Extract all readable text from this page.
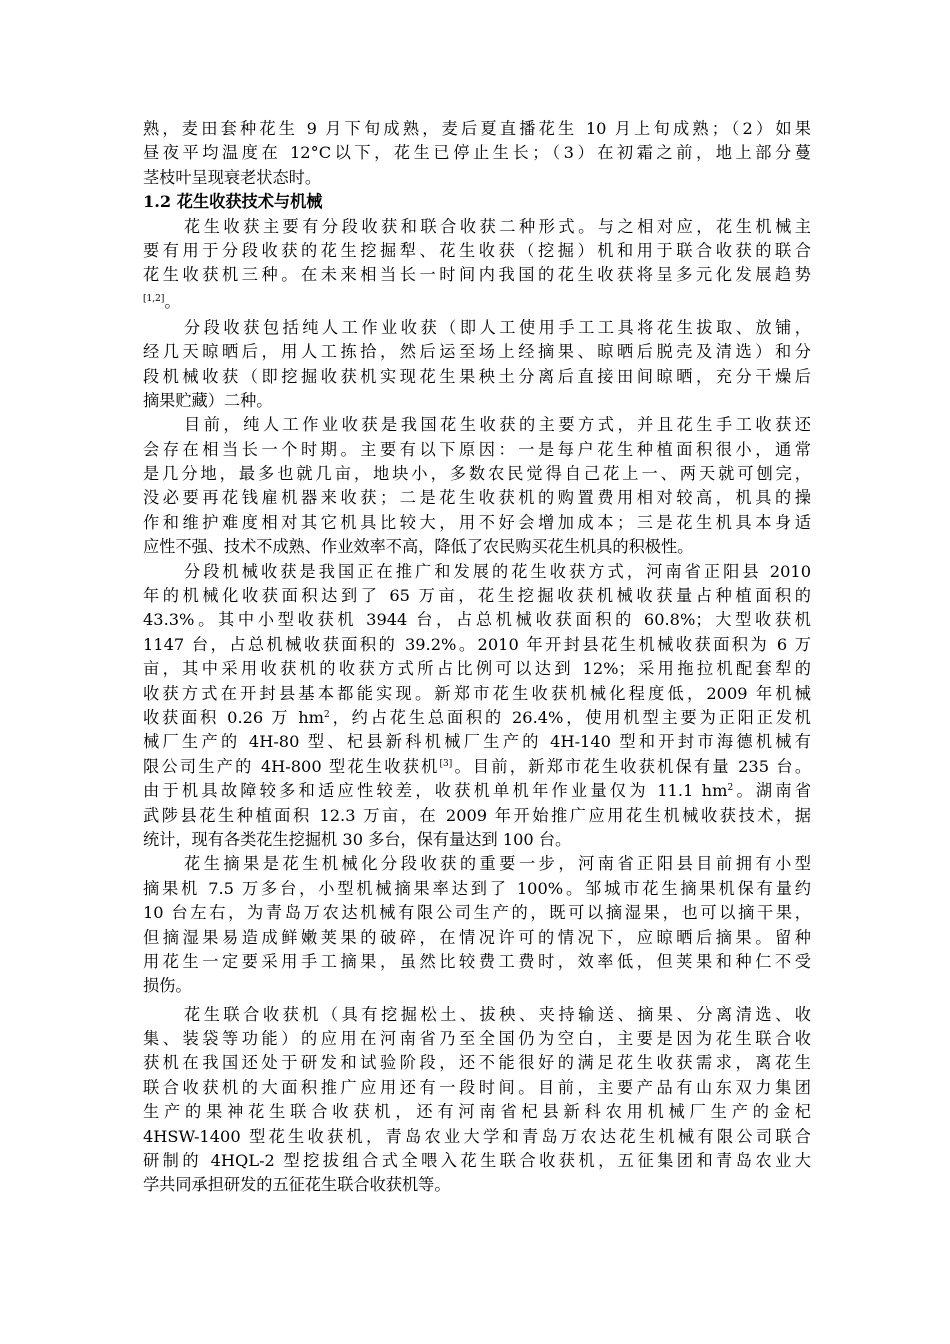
熟，麦田套种花生 9 月下旬成熟，麦后夏直播花生 10 月上旬成熟；（2）如果
昼夜平均温度在 12°C以下，花生已停止生长；（3）在初霜之前，地上部分蔓
茎枝叶呈现衰老状态时。
1.2 花生收获技术与机械
花生收获主要有分段收获和联合收获二种形式。与之相对应，花生机械主
要有用于分段收获的花生挖掘犁、花生收获（挖掘）机和用于联合收获的联合
花生收获机三种。在未来相当长一时间内我国的花生收获将呈多元化发展趋势
[1,2]。
分段收获包括纯人工作业收获（即人工使用手工工具将花生拔取、放铺，
经几天晾晒后，用人工拣拾，然后运至场上经摘果、晾晒后脱壳及清选）和分
段机械收获（即挖掘收获机实现花生果秧土分离后直接田间晾晒，充分干燥后
摘果贮藏）二种。
目前，纯人工作业收获是我国花生收获的主要方式，并且花生手工收获还
会存在相当长一个时期。主要有以下原因：一是每户花生种植面积很小，通常
是几分地，最多也就几亩，地块小，多数农民觉得自己花上一、两天就可刨完，
没必要再花钱雇机器来收获；二是花生收获机的购置费用相对较高，机具的操
作和维护难度相对其它机具比较大，用不好会增加成本；三是花生机具本身适
应性不强、技术不成熟、作业效率不高，降低了农民购买花生机具的积极性。
分段机械收获是我国正在推广和发展的花生收获方式，河南省正阳县 2010
年的机械化收获面积达到了 65 万亩，花生挖掘收获机械收获量占种植面积的
43.3%。其中小型收获机 3944 台，占总机械收获面积的 60.8%；大型收获机
1147 台，占总机械收获面积的 39.2%。2010 年开封县花生机械收获面积为 6 万
亩，其中采用收获机的收获方式所占比例可以达到 12%；采用拖拉机配套犁的
收获方式在开封县基本都能实现。新郑市花生收获机械化程度低，2009 年机械
收获面积 0.26 万 $hm^2$，约占花生总面积的 26.4%，使用机型主要为正阳正发机
械厂生产的 4H-80 型、杞县新科机械厂生产的 4H-140 型和开封市海德机械有
限公司生产的 4H-800 型花生收获机[3]。目前，新郑市花生收获机保有量 235 台。
由于机具故障较多和适应性较差，收获机单机年作业量仅为 11.1 $hm^2$。湖南省
武陟县花生种植面积 12.3 万亩，在 2009 年开始推广应用花生机械收获技术，据
统计，现有各类花生挖掘机 30 多台，保有量达到 100 台。
花生摘果是花生机械化分段收获的重要一步，河南省正阳县目前拥有小型
摘果机 7.5 万多台，小型机械摘果率达到了 100%。邹城市花生摘果机保有量约
10 台左右，为青岛万农达机械有限公司生产的，既可以摘湿果，也可以摘干果，
但摘湿果易造成鲜嫩荚果的破碎，在情况许可的情况下，应晾晒后摘果。留种
用花生一定要采用手工摘果，虽然比较费工费时，效率低，但荚果和种仁不受
损伤。
花生联合收获机（具有挖掘松土、拔秧、夹持输送、摘果、分离清选、收
集、装袋等功能）的应用在河南省乃至全国仍为空白，主要是因为花生联合收
获机在我国还处于研发和试验阶段，还不能很好的满足花生收获需求，离花生
联合收获机的大面积推广应用还有一段时间。目前，主要产品有山东双力集团
生产的果神花生联合收获机，还有河南省杞县新科农用机械厂生产的金杞
4HSW-1400 型花生收获机，青岛农业大学和青岛万农达花生机械有限公司联合
研制的 4HQL-2 型挖拔组合式全喂入花生联合收获机，五征集团和青岛农业大
学共同承担研发的五征花生联合收获机等。
